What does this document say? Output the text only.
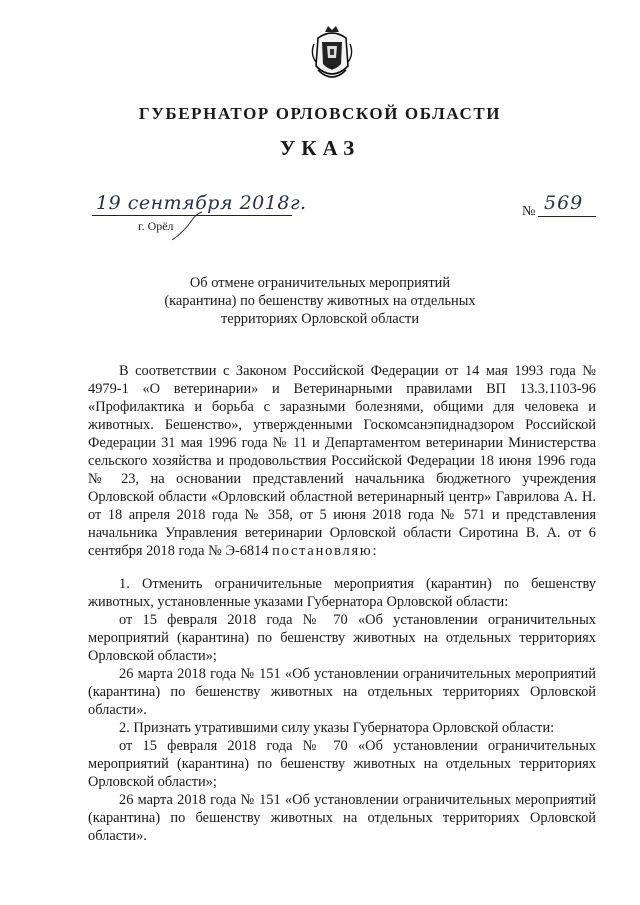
ГУБЕРНАТОР ОРЛОВСКОЙ ОБЛАСТИ
УКАЗ
19 сентября 2018г.
г. Орёл
№ 569
Об отмене ограничительных мероприятий
(карантина) по бешенству животных на отдельных
территориях Орловской области

В соответствии с Законом Российской Федерации от 14 мая 1993 года № 4979-1 «О ветеринарии» и Ветеринарными правилами ВП 13.3.1103-96 «Профилактика и борьба с заразными болезнями, общими для человека и животных. Бешенство», утвержденными Госкомсанэпиднадзором Российской Федерации 31 мая 1996 года № 11 и Департаментом ветеринарии Министерства сельского хозяйства и продовольствия Российской Федерации 18 июня 1996 года № 23, на основании представлений начальника бюджетного учреждения Орловской области «Орловский областной ветеринарный центр» Гаврилова А. Н. от 18 апреля 2018 года № 358, от 5 июня 2018 года № 571 и представления начальника Управления ветеринарии Орловской области Сиротина В. А. от 6 сентября 2018 года № Э-6814 постановляю:

1. Отменить ограничительные мероприятия (карантин) по бешенству животных, установленные указами Губернатора Орловской области:

от 15 февраля 2018 года № 70 «Об установлении ограничительных мероприятий (карантина) по бешенству животных на отдельных территориях Орловской области»;

26 марта 2018 года № 151 «Об установлении ограничительных мероприятий (карантина) по бешенству животных на отдельных территориях Орловской области».

2. Признать утратившими силу указы Губернатора Орловской области:

от 15 февраля 2018 года № 70 «Об установлении ограничительных мероприятий (карантина) по бешенству животных на отдельных территориях Орловской области»;

26 марта 2018 года № 151 «Об установлении ограничительных мероприятий (карантина) по бешенству животных на отдельных территориях Орловской области».
